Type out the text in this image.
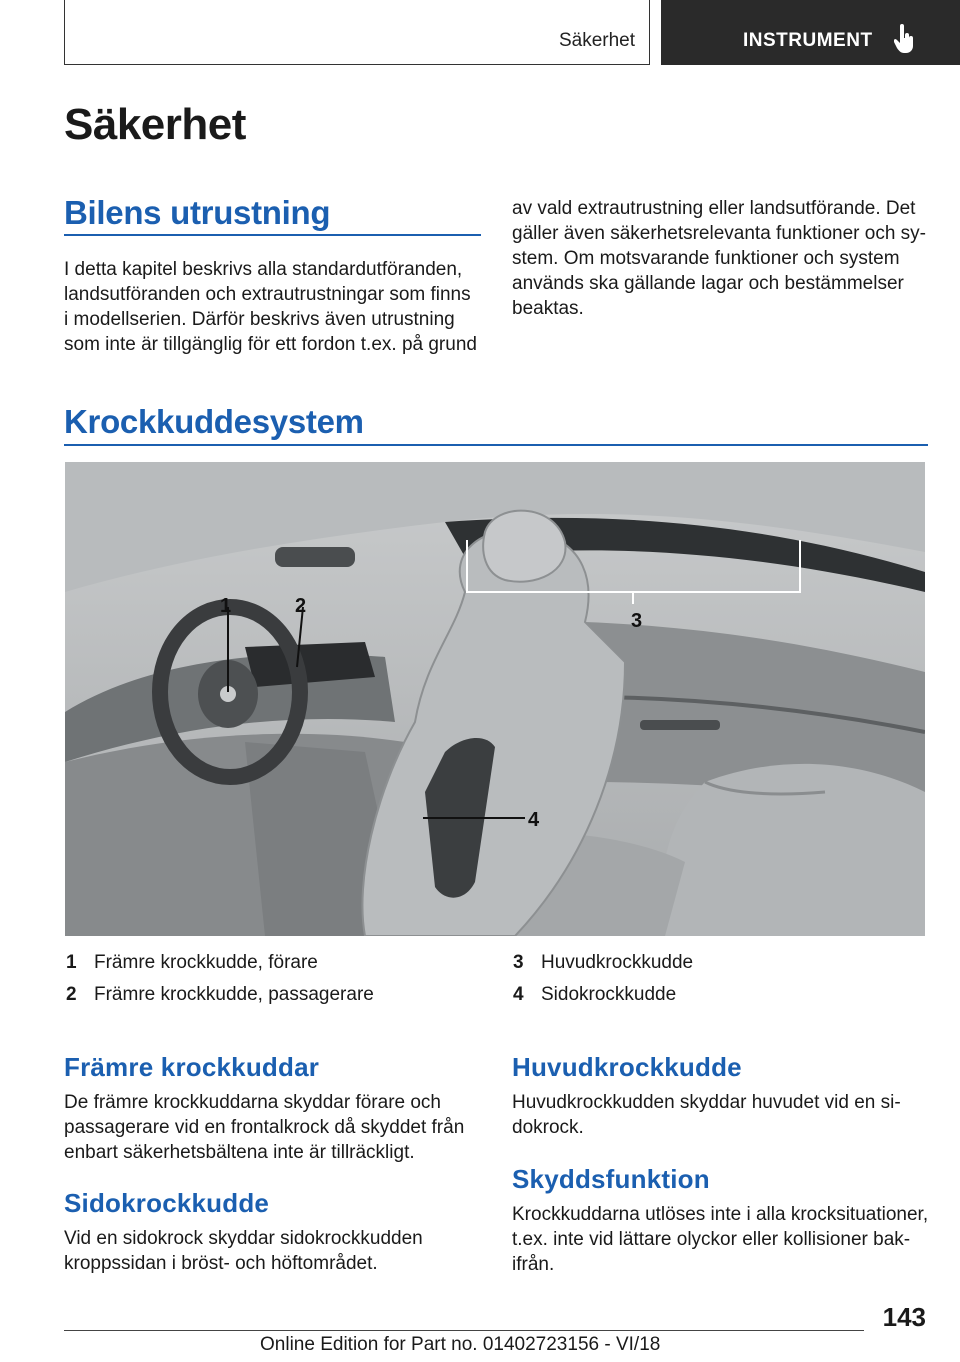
Säkerhet	INSTRUMENT
Säkerhet
Bilens utrustning
I detta kapitel beskrivs alla standardutföranden,
landsutföranden och extrautrustningar som finns
i modellserien. Därför beskrivs även utrustning
som inte är tillgänglig för ett fordon t.ex. på grund
av vald extrautrustning eller landsutförande. Det
gäller även säkerhetsrelevanta funktioner och sy-
stem. Om motsvarande funktioner och system
används ska gällande lagar och bestämmelser
beaktas.
Krockkuddesystem
1	2
3
4
1 Främre krockkudde, förare
2 Främre krockkudde, passagerare
3 Huvudkrockkudde
4 Sidokrockkudde
Främre krockkuddar
De främre krockkuddarna skyddar förare och
passagerare vid en frontalkrock då skyddet från
enbart säkerhetsbältena inte är tillräckligt.
Sidokrockkudde
Vid en sidokrock skyddar sidokrockkudden
kroppssidan i bröst- och höftområdet.
Huvudkrockkudde
Huvudkrockkudden skyddar huvudet vid en si-
dokrock.
Skyddsfunktion
Krockkuddarna utlöses inte i alla krocksituationer,
t.ex. inte vid lättare olyckor eller kollisioner bak-
ifrån.
143
Online Edition for Part no. 01402723156 - VI/18
